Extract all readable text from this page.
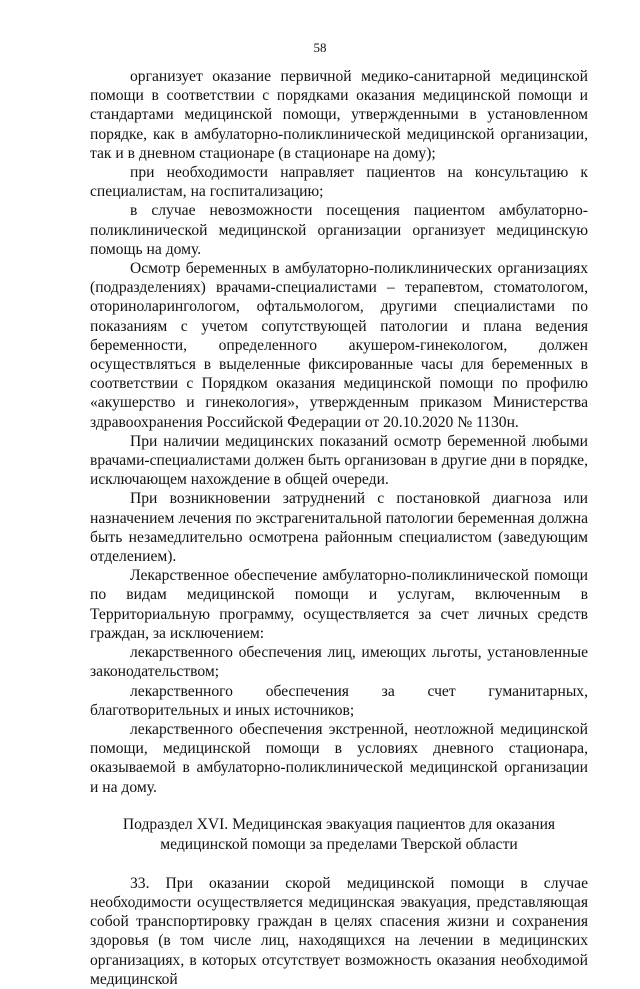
58

организует оказание первичной медико-санитарной медицинской помощи в соответствии с порядками оказания медицинской помощи и стандартами медицинской помощи, утвержденными в установленном порядке, как в амбулаторно-поликлинической медицинской организации, так и в дневном стационаре (в стационаре на дому);

при необходимости направляет пациентов на консультацию к специалистам, на госпитализацию;

в случае невозможности посещения пациентом амбулаторно-поликлинической медицинской организации организует медицинскую помощь на дому.

Осмотр беременных в амбулаторно-поликлинических организациях (подразделениях) врачами-специалистами – терапевтом, стоматологом, оториноларингологом, офтальмологом, другими специалистами по показаниям с учетом сопутствующей патологии и плана ведения беременности, определенного акушером-гинекологом, должен осуществляться в выделенные фиксированные часы для беременных в соответствии с Порядком оказания медицинской помощи по профилю «акушерство и гинекология», утвержденным приказом Министерства здравоохранения Российской Федерации от 20.10.2020 № 1130н.

При наличии медицинских показаний осмотр беременной любыми врачами-специалистами должен быть организован в другие дни в порядке, исключающем нахождение в общей очереди.

При возникновении затруднений с постановкой диагноза или назначением лечения по экстрагенитальной патологии беременная должна быть незамедлительно осмотрена районным специалистом (заведующим отделением).

Лекарственное обеспечение амбулаторно-поликлинической помощи по видам медицинской помощи и услугам, включенным в Территориальную программу, осуществляется за счет личных средств граждан, за исключением:

лекарственного обеспечения лиц, имеющих льготы, установленные законодательством;

лекарственного обеспечения за счет гуманитарных, благотворительных и иных источников;

лекарственного обеспечения экстренной, неотложной медицинской помощи, медицинской помощи в условиях дневного стационара, оказываемой в амбулаторно-поликлинической медицинской организации и на дому.

Подраздел XVI. Медицинская эвакуация пациентов для оказания
медицинской помощи за пределами Тверской области

33. При оказании скорой медицинской помощи в случае необходимости осуществляется медицинская эвакуация, представляющая собой транспортировку граждан в целях спасения жизни и сохранения здоровья (в том числе лиц, находящихся на лечении в медицинских организациях, в которых отсутствует возможность оказания необходимой медицинской
